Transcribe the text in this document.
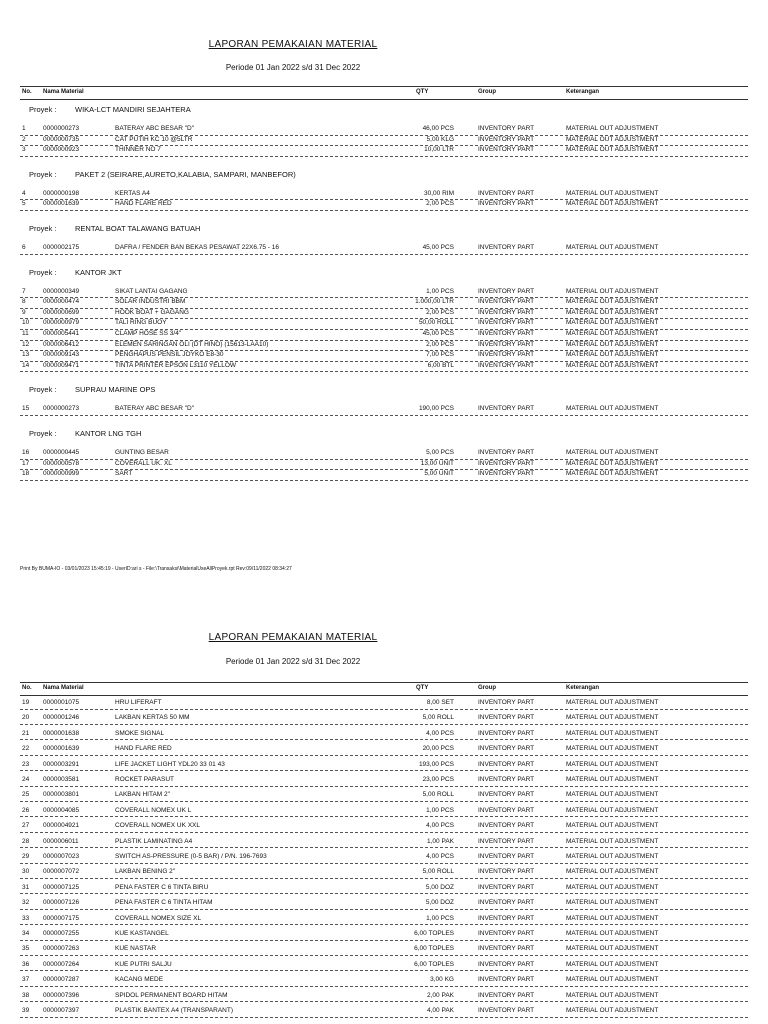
LAPORAN PEMAKAIAN MATERIAL
Periode 01 Jan 2022 s/d 31 Dec 2022
No. Nama Material	QTY	Group	Keterangan
Proyek : WIKA-LCT MANDIRI SEJAHTERA
1	0000000273	BATERAY ABC BESAR "D"	46,00 PCS	INVENTORY PART	MATERIAL OUT ADJUSTMENT
2	0000000735	CAT PUTIH KC 10 @5LTR	5,00 KLG	INVENTORY PART	MATERIAL OUT ADJUSTMENT
3	0000000923	THINNER NO 7	10,00 LTR	INVENTORY PART	MATERIAL OUT ADJUSTMENT
Proyek : PAKET 2 (SEIRARE,AURETO,KALABIA, SAMPARI, MANBEFOR)
4	0000000198	KERTAS A4	30,00 RIM	INVENTORY PART	MATERIAL OUT ADJUSTMENT
5	0000001639	HAND FLARE RED	2,00 PCS	INVENTORY PART	MATERIAL OUT ADJUSTMENT
Proyek : RENTAL BOAT TALAWANG BATUAH
6	0000002175	DAFRA / FENDER BAN BEKAS PESAWAT 22X6.75 - 16	45,00 PCS	INVENTORY PART	MATERIAL OUT ADJUSTMENT
Proyek : KANTOR JKT
7	0000000349	SIKAT LANTAI GAGANG	1,00 PCS	INVENTORY PART	MATERIAL OUT ADJUSTMENT
8	0000000474	SOLAR INDUSTRI BBM	1.000,00 LTR	INVENTORY PART	MATERIAL OUT ADJUSTMENT
9	0000000699	HOOK BOAT + GAGANG	2,00 PCS	INVENTORY PART	MATERIAL OUT ADJUSTMENT
10 0000000979	TALI RING BUOY	50,00 ROLL	INVENTORY PART	MATERIAL OUT ADJUSTMENT
11 0000005441	CLAMP HOSE SS 3/4"	45,00 PCS	INVENTORY PART	MATERIAL OUT ADJUSTMENT
12 0000006412	ELEMEN SARINGAN OLI (DT HINO) (15613-LAA10)	2,00 PCS	INVENTORY PART	MATERIAL OUT ADJUSTMENT
13 0000009143	PENGHAPUS PENSIL JOYKO E8-30	7,00 PCS	INVENTORY PART	MATERIAL OUT ADJUSTMENT
14 0000009471	TINTA PRINTER EPSON L3110 YELLOW	6,00 BTL	INVENTORY PART	MATERIAL OUT ADJUSTMENT
Proyek : SUPRAU MARINE OPS
15 0000000273	BATERAY ABC BESAR "D"	190,00 PCS	INVENTORY PART	MATERIAL OUT ADJUSTMENT
Proyek : KANTOR LNG TGH
16 0000000445	GUNTING BESAR	5,00 PCS	INVENTORY PART	MATERIAL OUT ADJUSTMENT
17 0000000578	COVERALL UK. XL	13,00 UNIT	INVENTORY PART	MATERIAL OUT ADJUSTMENT
18 0000000999	SART	5,00 UNIT	INVENTORY PART	MATERIAL OUT ADJUSTMENT
Print By BUMA-IO - 03/01/2023 15:45:19 - UserID:ari s - File:\Transaksi\MaterialUseAllProyek.rpt Rev:09/11/2022 08:34:27
LAPORAN PEMAKAIAN MATERIAL
Periode 01 Jan 2022 s/d 31 Dec 2022
No. Nama Material	QTY	Group	Keterangan
19 0000001075	HRU LIFERAFT	8,00 SET	INVENTORY PART	MATERIAL OUT ADJUSTMENT
20 0000001246	LAKBAN KERTAS 50 MM	5,00 ROLL	INVENTORY PART	MATERIAL OUT ADJUSTMENT
21 0000001638	SMOKE SIGNAL	4,00 PCS	INVENTORY PART	MATERIAL OUT ADJUSTMENT
22 0000001639	HAND FLARE RED	20,00 PCS	INVENTORY PART	MATERIAL OUT ADJUSTMENT
23 0000003291	LIFE JACKET LIGHT YDL20 33 01 43	193,00 PCS	INVENTORY PART	MATERIAL OUT ADJUSTMENT
24 0000003581	ROCKET PARASUT	23,00 PCS	INVENTORY PART	MATERIAL OUT ADJUSTMENT
25 0000003801	LAKBAN HITAM 2"	5,00 ROLL	INVENTORY PART	MATERIAL OUT ADJUSTMENT
26 0000004085	COVERALL NOMEX UK L	1,00 PCS	INVENTORY PART	MATERIAL OUT ADJUSTMENT
27 0000004921	COVERALL NOMEX UK XXL	4,00 PCS	INVENTORY PART	MATERIAL OUT ADJUSTMENT
28 0000006011	PLASTIK LAMINATING A4	1,00 PAK	INVENTORY PART	MATERIAL OUT ADJUSTMENT
29 0000007023	SWITCH AS-PRESSURE (0-5 BAR) / P/N. 196-7693	4,00 PCS	INVENTORY PART	MATERIAL OUT ADJUSTMENT
30 0000007072	LAKBAN BENING 2"	5,00 ROLL	INVENTORY PART	MATERIAL OUT ADJUSTMENT
31 0000007125	PENA FASTER C 6 TINTA BIRU	5,00 DOZ	INVENTORY PART	MATERIAL OUT ADJUSTMENT
32 0000007126	PENA FASTER C 6 TINTA HITAM	5,00 DOZ	INVENTORY PART	MATERIAL OUT ADJUSTMENT
33 0000007175	COVERALL NOMEX SIZE XL	1,00 PCS	INVENTORY PART	MATERIAL OUT ADJUSTMENT
34 0000007255	KUE KASTANGEL	6,00 TOPLES	INVENTORY PART	MATERIAL OUT ADJUSTMENT
35 0000007263	KUE NASTAR	6,00 TOPLES	INVENTORY PART	MATERIAL OUT ADJUSTMENT
36 0000007264	KUE PUTRI SALJU	6,00 TOPLES	INVENTORY PART	MATERIAL OUT ADJUSTMENT
37 0000007287	KACANG MEDE	3,00 KG	INVENTORY PART	MATERIAL OUT ADJUSTMENT
38 0000007396	SPIDOL PERMANENT BOARD HITAM	2,00 PAK	INVENTORY PART	MATERIAL OUT ADJUSTMENT
39 0000007397	PLASTIK BANTEX A4 (TRANSPARANT)	4,00 PAK	INVENTORY PART	MATERIAL OUT ADJUSTMENT
